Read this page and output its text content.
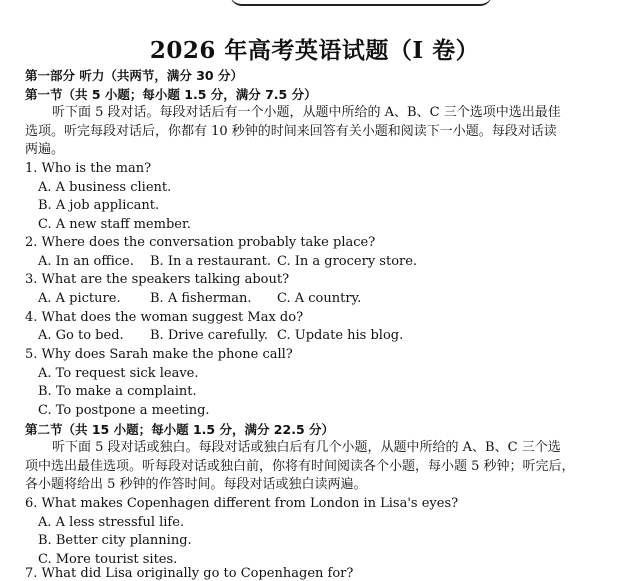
2026 年高考英语试题（I 卷）
第一部分 听力（共两节，满分 30 分）
第一节（共 5 小题；每小题 1.5 分，满分 7.5 分）
听下面 5 段对话。每段对话后有一个小题，从题中所给的 A、B、C 三个选项中选出最佳
选项。听完每段对话后，你都有 10 秒钟的时间来回答有关小题和阅读下一小题。每段对话读
两遍。
1. Who is the man?
A. A business client.
B. A job applicant.
C. A new staff member.
2. Where does the conversation probably take place?
A. In an office. B. In a restaurant. C. In a grocery store.
3. What are the speakers talking about?
A. A picture. B. A fisherman. C. A country.
4. What does the woman suggest Max do?
A. Go to bed. B. Drive carefully. C. Update his blog.
5. Why does Sarah make the phone call?
A. To request sick leave.
B. To make a complaint.
C. To postpone a meeting.
第二节（共 15 小题；每小题 1.5 分，满分 22.5 分）
听下面 5 段对话或独白。每段对话或独白后有几个小题，从题中所给的 A、B、C 三个选
项中选出最佳选项。听每段对话或独白前，你将有时间阅读各个小题，每小题 5 秒钟；听完后，
各小题将给出 5 秒钟的作答时间。每段对话或独白读两遍。
6. What makes Copenhagen different from London in Lisa's eyes?
A. A less stressful life.
B. Better city planning.
C. More tourist sites.
7. What did Lisa originally go to Copenhagen for?
